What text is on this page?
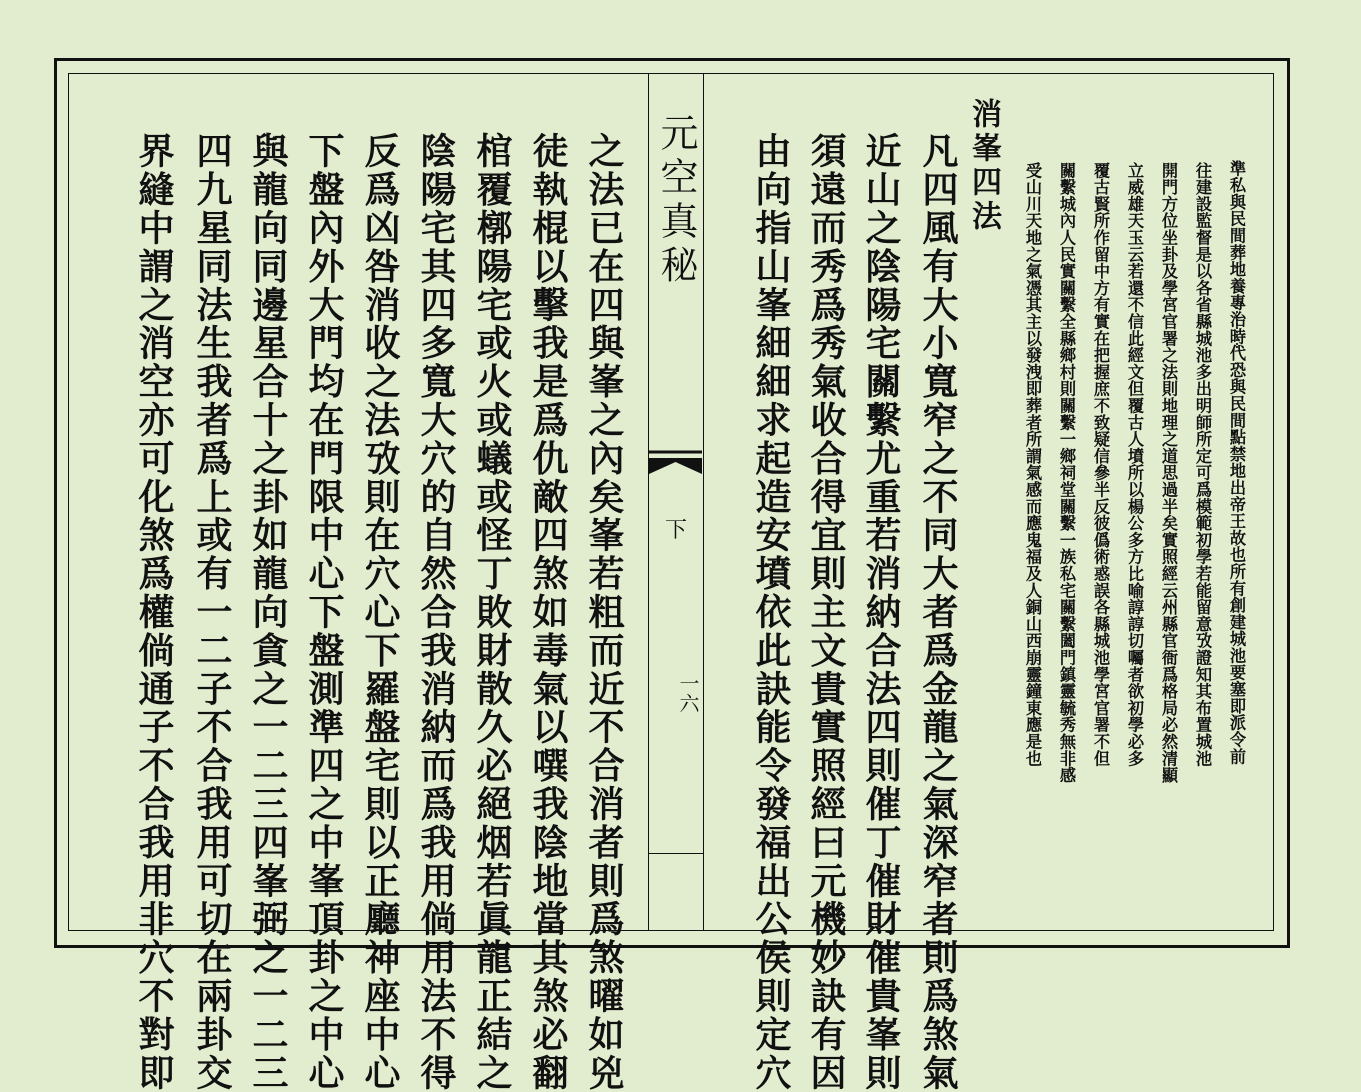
元空真秘
下
一六	準私與民間葬地養專治時代恐與民間點禁地出帝王故也所有創建城池要塞即派令前
往建設監督是以各省縣城池多出明師所定可爲模範初學若能留意攷證知其布置城池
開門方位坐卦及學宮官署之法則地理之道思過半矣實照經云州縣官衙爲格局必然清顯
立威雄天玉云若還不信此經文但覆古人墳所以楊公多方比喻諄諄切囑者欲初學必多
覆古賢所作留中方有實在把握庶不致疑信參半反彼僞術惑誤各縣城池學宮官署不但
關繫城內人民實關繫全縣鄉村則關繫一鄉祠堂關繫一族私宅關繫闔門鎮靈毓秀無非感
受山川天地之氣憑其主以發洩即葬者所謂氣感而應鬼福及人銅山西崩靈鐘東應是也
消峯四法
凡四風有大小寬窄之不同大者爲金龍之氣深窄者則爲煞氣
近山之陰陽宅關繫尤重若消納合法四則催丁催財催貴峯則
須遠而秀爲秀氣收合得宜則主文貴實照經曰元機妙訣有因
由向指山峯細細求起造安墳依此訣能令發福出公侯則定穴
之法已在四與峯之內矣峯若粗而近不合消者則爲煞曜如兇
徒執棍以擊我是爲仇敵四煞如毒氣以噀我陰地當其煞必翻
棺覆槨陽宅或火或蟻或怪丁敗財散久必絕烟若眞龍正結之
陰陽宅其四多寬大穴的自然合我消納而爲我用倘用法不得
反爲凶咎消收之法攷則在穴心下羅盤宅則以正廳神座中心
下盤內外大門均在門限中心下盤測準四之中峯頂卦之中心
與龍向同邊星合十之卦如龍向貪之一二三四峯弼之一二三
四九星同法生我者爲上或有一二子不合我用可切在兩卦交
界縫中謂之消空亦可化煞爲權倘通子不合我用非穴不對即
